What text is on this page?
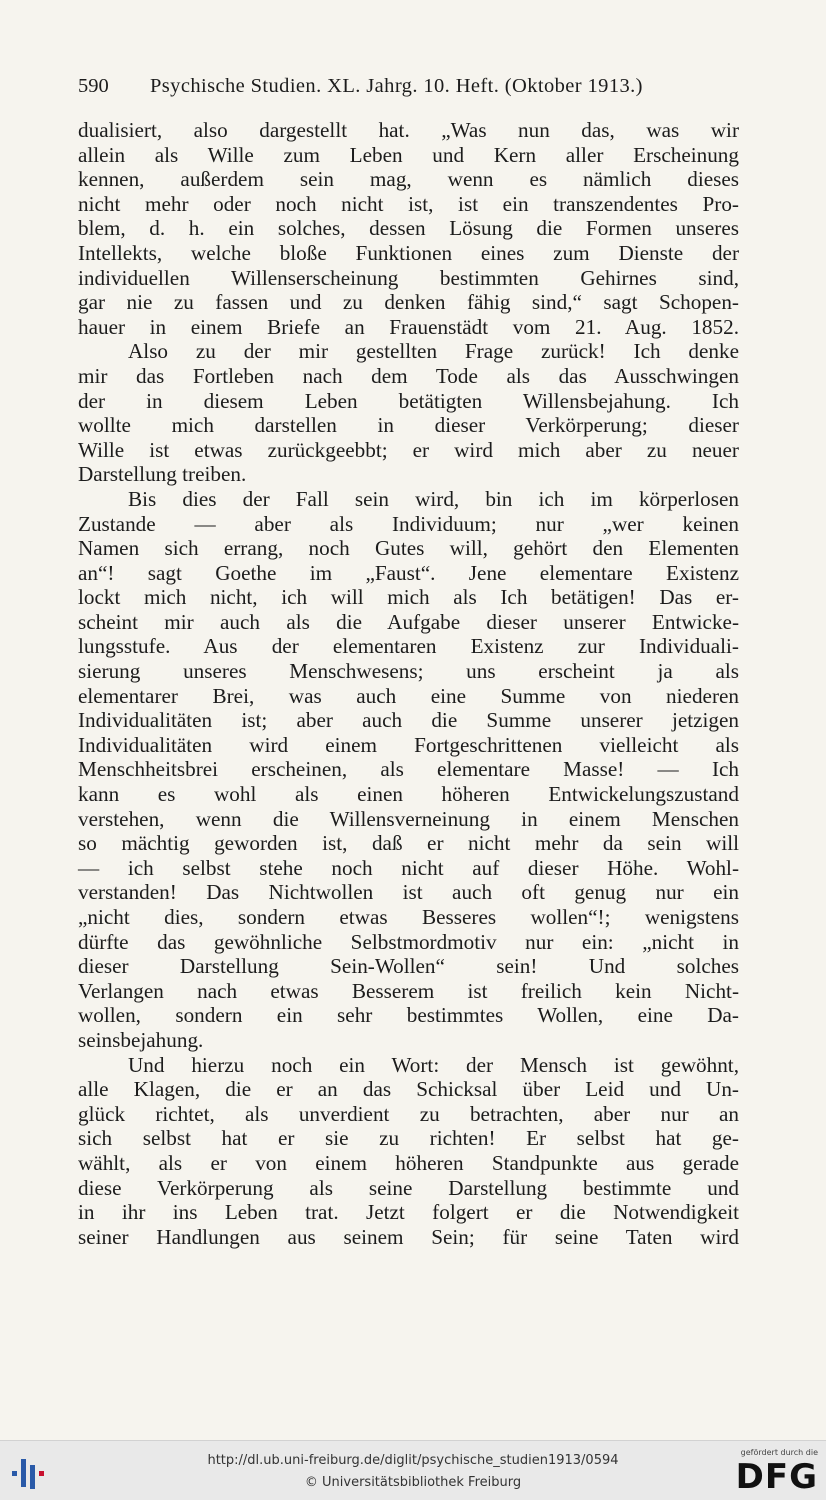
590 Psychische Studien. XL. Jahrg. 10. Heft. (Oktober 1913.)
dualisiert, also dargestellt hat. „Was nun das, was wir
allein als Wille zum Leben und Kern aller Erscheinung
kennen, außerdem sein mag, wenn es nämlich dieses
nicht mehr oder noch nicht ist, ist ein transzendentes Pro-
blem, d. h. ein solches, dessen Lösung die Formen unseres
Intellekts, welche bloße Funktionen eines zum Dienste der
individuellen Willenserscheinung bestimmten Gehirnes sind,
gar nie zu fassen und zu denken fähig sind,“ sagt Schopen-
hauer in einem Briefe an Frauenstädt vom 21. Aug. 1852.
Also zu der mir gestellten Frage zurück! Ich denke
mir das Fortleben nach dem Tode als das Ausschwingen
der in diesem Leben betätigten Willensbejahung. Ich
wollte mich darstellen in dieser Verkörperung; dieser
Wille ist etwas zurückgeebbt; er wird mich aber zu neuer
Darstellung treiben.
Bis dies der Fall sein wird, bin ich im körperlosen
Zustande — aber als Individuum; nur „wer keinen
Namen sich errang, noch Gutes will, gehört den Elementen
an“! sagt Goethe im „Faust“. Jene elementare Existenz
lockt mich nicht, ich will mich als Ich betätigen! Das er-
scheint mir auch als die Aufgabe dieser unserer Entwicke-
lungsstufe. Aus der elementaren Existenz zur Individuali-
sierung unseres Menschwesens; uns erscheint ja als
elementarer Brei, was auch eine Summe von niederen
Individualitäten ist; aber auch die Summe unserer jetzigen
Individualitäten wird einem Fortgeschrittenen vielleicht als
Menschheitsbrei erscheinen, als elementare Masse! — Ich
kann es wohl als einen höheren Entwickelungszustand
verstehen, wenn die Willensverneinung in einem Menschen
so mächtig geworden ist, daß er nicht mehr da sein will
— ich selbst stehe noch nicht auf dieser Höhe. Wohl-
verstanden! Das Nichtwollen ist auch oft genug nur ein
„nicht dies, sondern etwas Besseres wollen“!; wenigstens
dürfte das gewöhnliche Selbstmordmotiv nur ein: „nicht in
dieser Darstellung Sein-Wollen“ sein! Und solches
Verlangen nach etwas Besserem ist freilich kein Nicht-
wollen, sondern ein sehr bestimmtes Wollen, eine Da-
seinsbejahung.
Und hierzu noch ein Wort: der Mensch ist gewöhnt,
alle Klagen, die er an das Schicksal über Leid und Un-
glück richtet, als unverdient zu betrachten, aber nur an
sich selbst hat er sie zu richten! Er selbst hat ge-
wählt, als er von einem höheren Standpunkte aus gerade
diese Verkörperung als seine Darstellung bestimmte und
in ihr ins Leben trat. Jetzt folgert er die Notwendigkeit
seiner Handlungen aus seinem Sein; für seine Taten wird
http://dl.ub.uni-freiburg.de/diglit/psychische_studien1913/0594
© Universitätsbibliothek Freiburg
gefördert durch die
DFG
